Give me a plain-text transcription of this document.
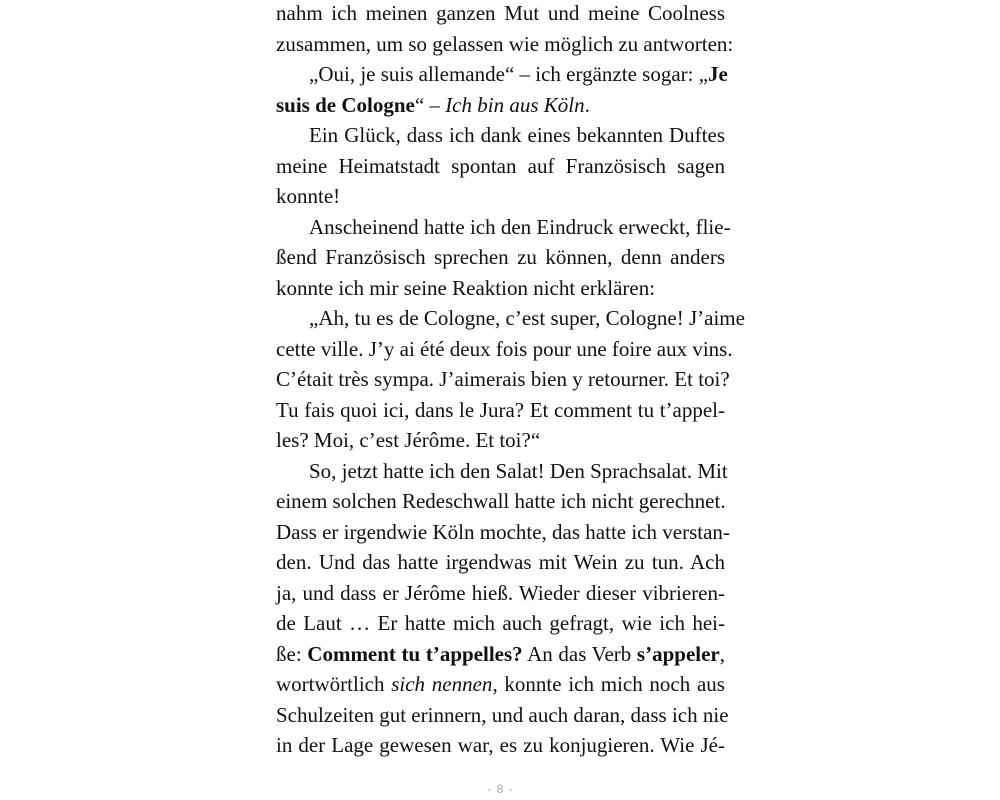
nahm ich meinen ganzen Mut und meine Coolness
zusammen, um so gelassen wie möglich zu antworten:
„Oui, je suis allemande“ – ich ergänzte sogar: „Je
suis de Cologne“ – Ich bin aus Köln.
Ein Glück, dass ich dank eines bekannten Duftes
meine Heimatstadt spontan auf Französisch sagen
konnte!
Anscheinend hatte ich den Eindruck erweckt, flie-
ßend Französisch sprechen zu können, denn anders
konnte ich mir seine Reaktion nicht erklären:
„Ah, tu es de Cologne, c’est super, Cologne! J’aime
cette ville. J’y ai été deux fois pour une foire aux vins.
C’était très sympa. J’aimerais bien y retourner. Et toi?
Tu fais quoi ici, dans le Jura? Et comment tu t’appel-
les? Moi, c’est Jérôme. Et toi?“
So, jetzt hatte ich den Salat! Den Sprachsalat. Mit
einem solchen Redeschwall hatte ich nicht gerechnet.
Dass er irgendwie Köln mochte, das hatte ich verstan-
den. Und das hatte irgendwas mit Wein zu tun. Ach
ja, und dass er Jérôme hieß. Wieder dieser vibrieren-
de Laut … Er hatte mich auch gefragt, wie ich hei-
ße: Comment tu t’appelles? An das Verb s’appeler,
wortwörtlich sich nennen, konnte ich mich noch aus
Schulzeiten gut erinnern, und auch daran, dass ich nie
in der Lage gewesen war, es zu konjugieren. Wie Jé-
- 8 -
